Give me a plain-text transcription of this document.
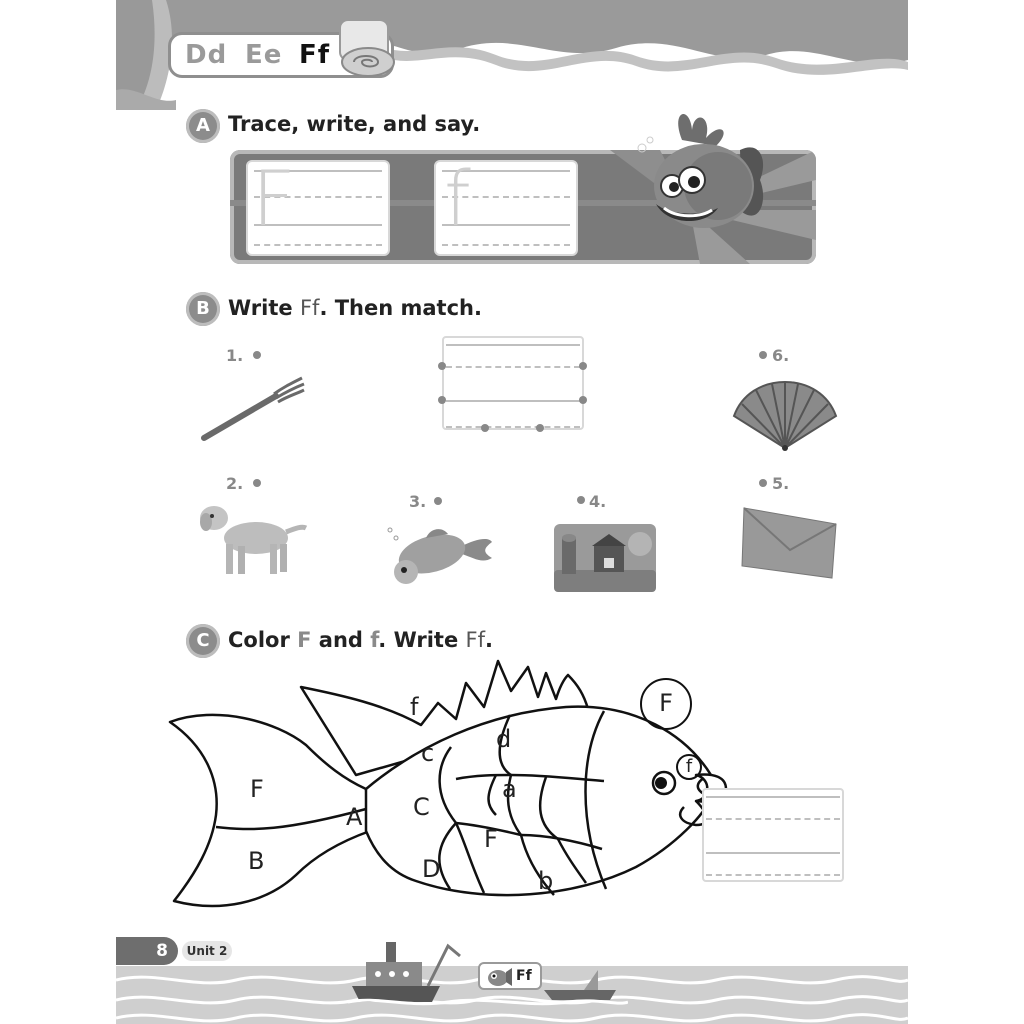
Dd Ee Ff
A Trace, write, and say.
F f
B Write Ff. Then match.
1.	6.
2.
3.	4.
5.
C Color F and f. Write Ff.
f
F
B
A
c	d
C
a
F
D	b
F
f
Ff
8	Unit 2
